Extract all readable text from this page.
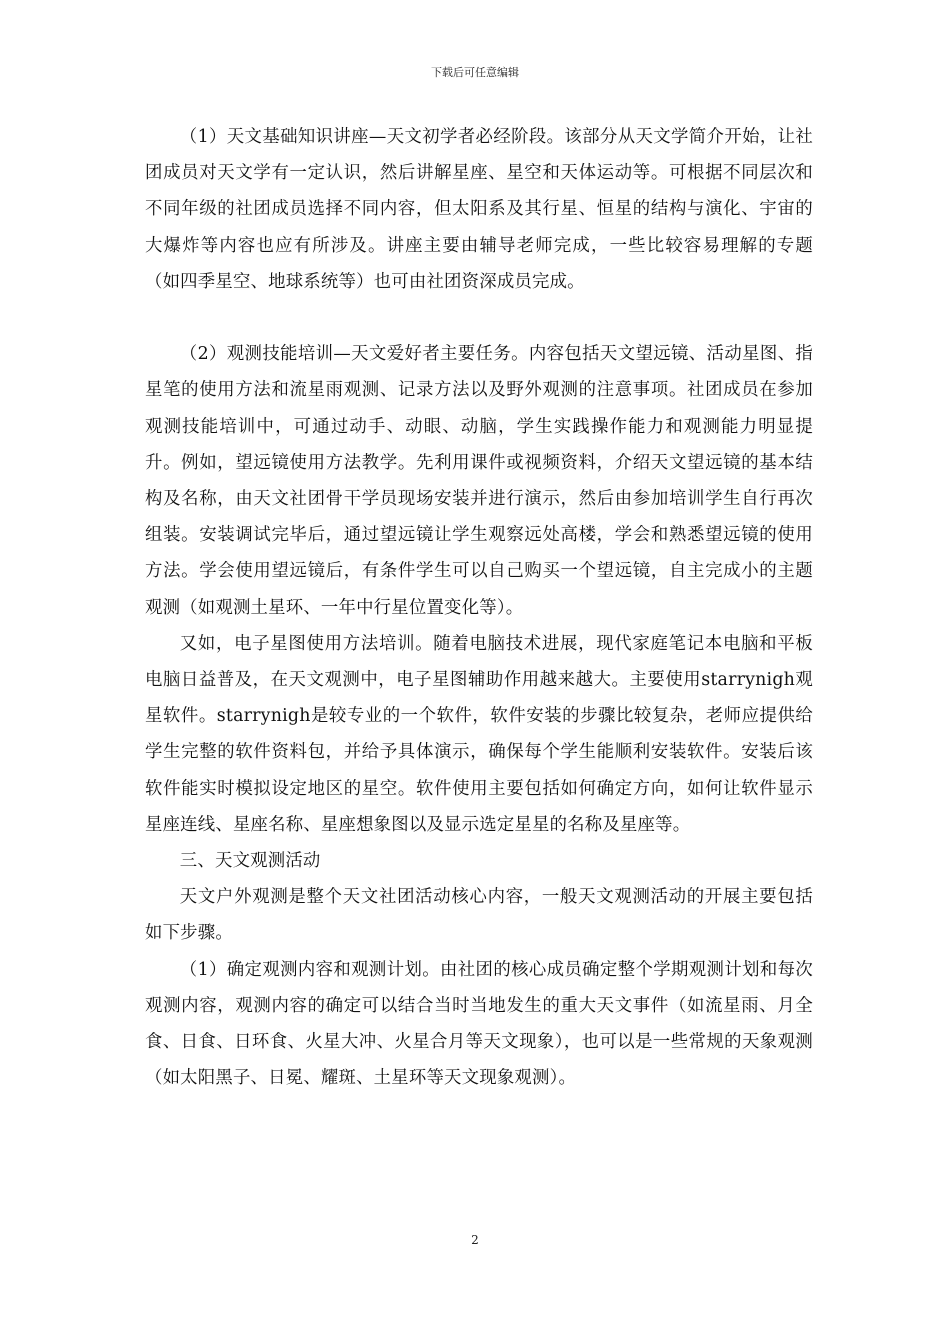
下载后可任意编辑

（1）天文基础知识讲座—天文初学者必经阶段。该部分从天文学简介开始，让社团成员对天文学有一定认识，然后讲解星座、星空和天体运动等。可根据不同层次和不同年级的社团成员选择不同内容，但太阳系及其行星、恒星的结构与演化、宇宙的大爆炸等内容也应有所涉及。讲座主要由辅导老师完成，一些比较容易理解的专题（如四季星空、地球系统等）也可由社团资深成员完成。

（2）观测技能培训—天文爱好者主要任务。内容包括天文望远镜、活动星图、指星笔的使用方法和流星雨观测、记录方法以及野外观测的注意事项。社团成员在参加观测技能培训中，可通过动手、动眼、动脑，学生实践操作能力和观测能力明显提升。例如，望远镜使用方法教学。先利用课件或视频资料，介绍天文望远镜的基本结构及名称，由天文社团骨干学员现场安装并进行演示，然后由参加培训学生自行再次组装。安装调试完毕后，通过望远镜让学生观察远处高楼，学会和熟悉望远镜的使用方法。学会使用望远镜后，有条件学生可以自己购买一个望远镜，自主完成小的主题观测（如观测土星环、一年中行星位置变化等）。

又如，电子星图使用方法培训。随着电脑技术进展，现代家庭笔记本电脑和平板电脑日益普及，在天文观测中，电子星图辅助作用越来越大。主要使用starrynigh观星软件。starrynigh是较专业的一个软件，软件安装的步骤比较复杂，老师应提供给学生完整的软件资料包，并给予具体演示，确保每个学生能顺利安装软件。安装后该软件能实时模拟设定地区的星空。软件使用主要包括如何确定方向，如何让软件显示星座连线、星座名称、星座想象图以及显示选定星星的名称及星座等。

三、天文观测活动

天文户外观测是整个天文社团活动核心内容，一般天文观测活动的开展主要包括如下步骤。

（1）确定观测内容和观测计划。由社团的核心成员确定整个学期观测计划和每次观测内容，观测内容的确定可以结合当时当地发生的重大天文事件（如流星雨、月全食、日食、日环食、火星大冲、火星合月等天文现象），也可以是一些常规的天象观测（如太阳黑子、日冕、耀斑、土星环等天文现象观测）。

2
